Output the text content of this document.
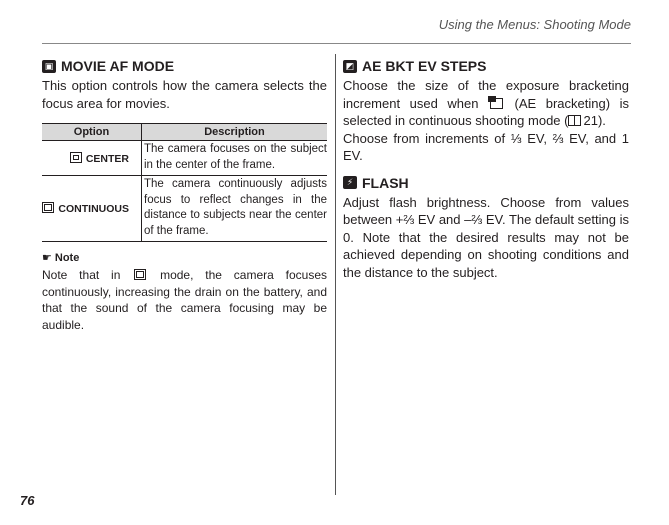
Using the Menus: Shooting Mode
▣ MOVIE AF MODE

This option controls how the camera selects the focus area for movies.

Option	Description
CENTER	The camera focuses on the subject in the center of the frame.
CONTINUOUS	The camera continuously adjusts focus to reflect changes in the distance to subjects near the center of the frame.
☛ Note

Note that in	mode, the camera focuses continuously, increasing the drain on the battery, and that the sound of the camera focusing may be audible.

◩ AE BKT EV STEPS

Choose the size of the exposure bracketing increment used when	(AE bracketing) is selected in continuous shooting mode ( 21).

Choose from increments of ⅓ EV, ⅔ EV, and 1 EV.

⚡ FLASH

Adjust flash brightness. Choose from values between +⅔ EV and –⅔ EV. The default setting is 0. Note that the desired results may not be achieved depending on shooting conditions and the distance to the subject.

76
